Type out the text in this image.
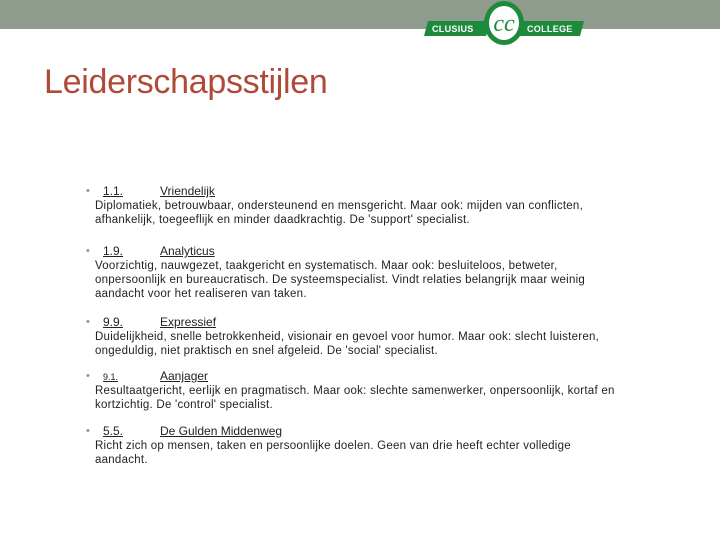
cc
CLUSIUS	COLLEGE
Leiderschapsstijlen
• 1.1.	Vriendelijk
Diplomatiek, betrouwbaar, ondersteunend en mensgericht. Maar ook: mijden van conflicten, afhankelijk, toegeeflijk en minder daadkrachtig. De 'support' specialist.
• 1.9.	Analyticus
Voorzichtig, nauwgezet, taakgericht en systematisch. Maar ook: besluiteloos, betweter, onpersoonlijk en bureaucratisch. De systeemspecialist. Vindt relaties belangrijk maar weinig aandacht voor het realiseren van taken.
• 9.9.	Expressief
Duidelijkheid, snelle betrokkenheid, visionair en gevoel voor humor. Maar ook: slecht luisteren, ongeduldig, niet praktisch en snel afgeleid. De 'social' specialist.
• 9.1.	Aanjager
Resultaatgericht, eerlijk en pragmatisch. Maar ook: slechte samenwerker, onpersoonlijk, kortaf en kortzichtig. De 'control' specialist.
• 5.5.	De Gulden Middenweg
Richt zich op mensen, taken en persoonlijke doelen. Geen van drie heeft echter volledige aandacht.
